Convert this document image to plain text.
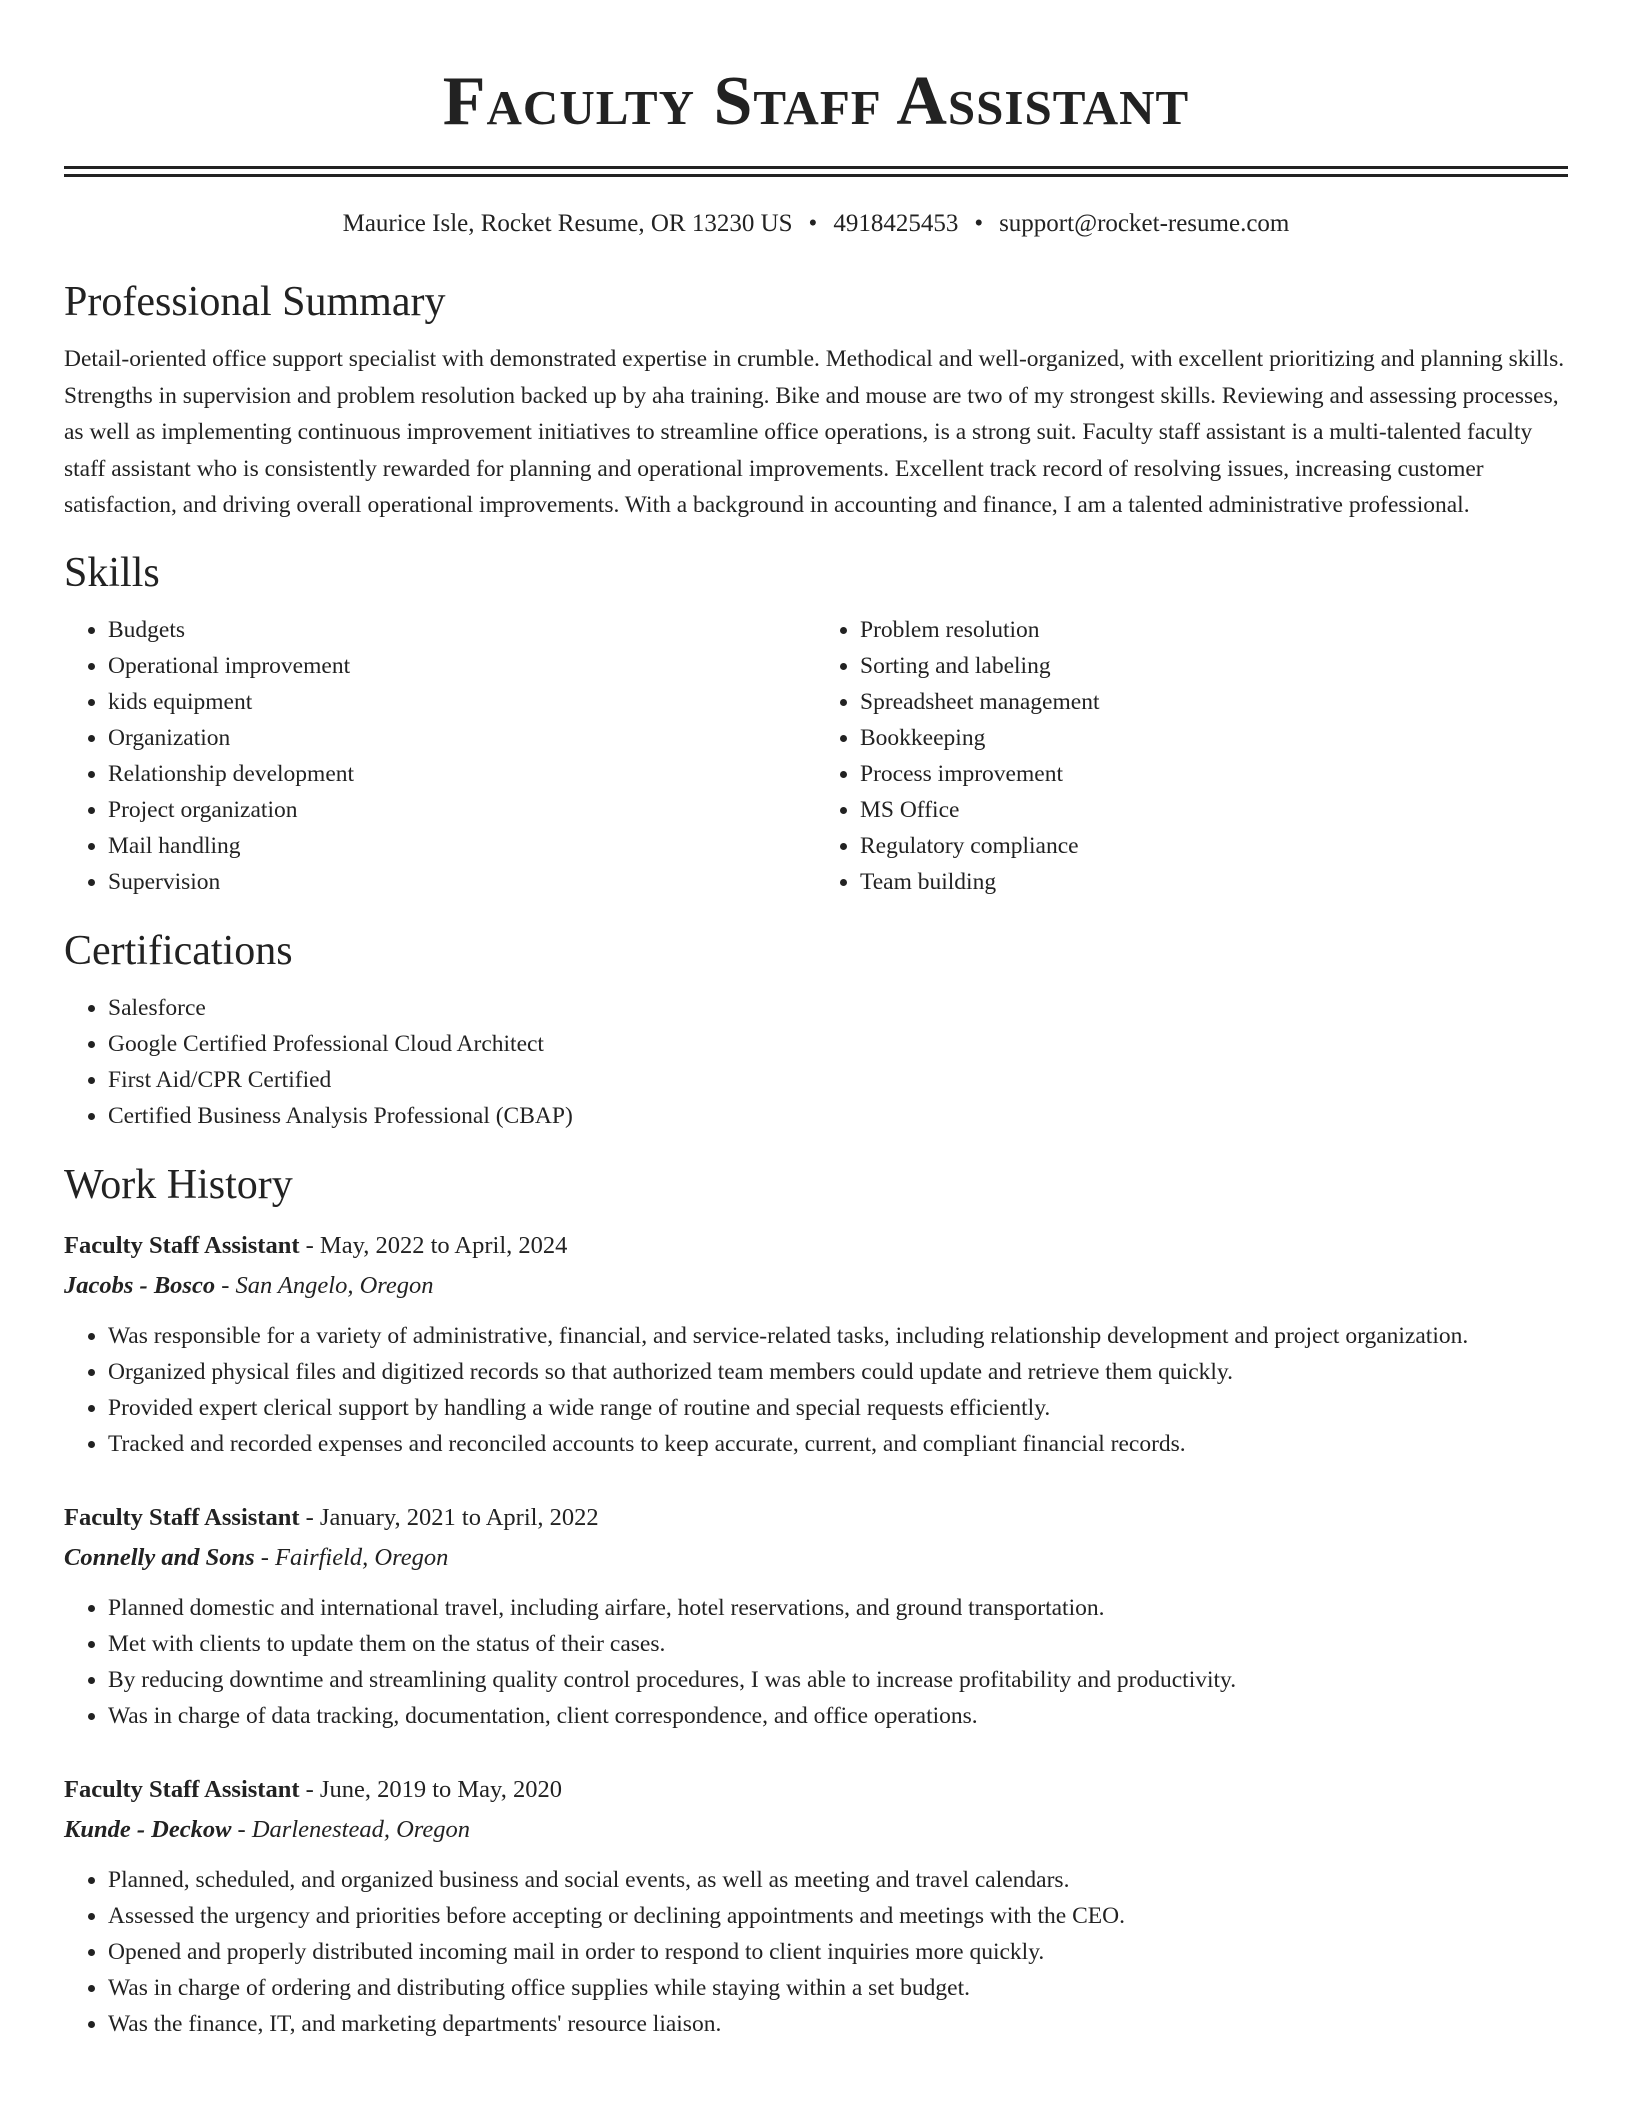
Faculty Staff Assistant
Maurice Isle, Rocket Resume, OR 13230 US • 4918425453 • support@rocket-resume.com
Professional Summary

Detail-oriented office support specialist with demonstrated expertise in crumble. Methodical and well-organized, with excellent prioritizing and planning skills. Strengths in supervision and problem resolution backed up by aha training. Bike and mouse are two of my strongest skills. Reviewing and assessing processes, as well as implementing continuous improvement initiatives to streamline office operations, is a strong suit. Faculty staff assistant is a multi-talented faculty staff assistant who is consistently rewarded for planning and operational improvements. Excellent track record of resolving issues, increasing customer satisfaction, and driving overall operational improvements. With a background in accounting and finance, I am a talented administrative professional.

Skills
• Budgets
• Operational improvement
• kids equipment
• Organization
• Relationship development
• Project organization
• Mail handling
• Supervision
• Problem resolution
• Sorting and labeling
• Spreadsheet management
• Bookkeeping
• Process improvement
• MS Office
• Regulatory compliance
• Team building
Certifications
• Salesforce
• Google Certified Professional Cloud Architect
• First Aid/CPR Certified
• Certified Business Analysis Professional (CBAP)
Work History
Faculty Staff Assistant - May, 2022 to April, 2024
Jacobs - Bosco - San Angelo, Oregon
• Was responsible for a variety of administrative, financial, and service-related tasks, including relationship development and project organization.
• Organized physical files and digitized records so that authorized team members could update and retrieve them quickly.
• Provided expert clerical support by handling a wide range of routine and special requests efficiently.
• Tracked and recorded expenses and reconciled accounts to keep accurate, current, and compliant financial records.
Faculty Staff Assistant - January, 2021 to April, 2022
Connelly and Sons - Fairfield, Oregon
• Planned domestic and international travel, including airfare, hotel reservations, and ground transportation.
• Met with clients to update them on the status of their cases.
• By reducing downtime and streamlining quality control procedures, I was able to increase profitability and productivity.
• Was in charge of data tracking, documentation, client correspondence, and office operations.
Faculty Staff Assistant - June, 2019 to May, 2020
Kunde - Deckow - Darlenestead, Oregon
• Planned, scheduled, and organized business and social events, as well as meeting and travel calendars.
• Assessed the urgency and priorities before accepting or declining appointments and meetings with the CEO.
• Opened and properly distributed incoming mail in order to respond to client inquiries more quickly.
• Was in charge of ordering and distributing office supplies while staying within a set budget.
• Was the finance, IT, and marketing departments' resource liaison.
